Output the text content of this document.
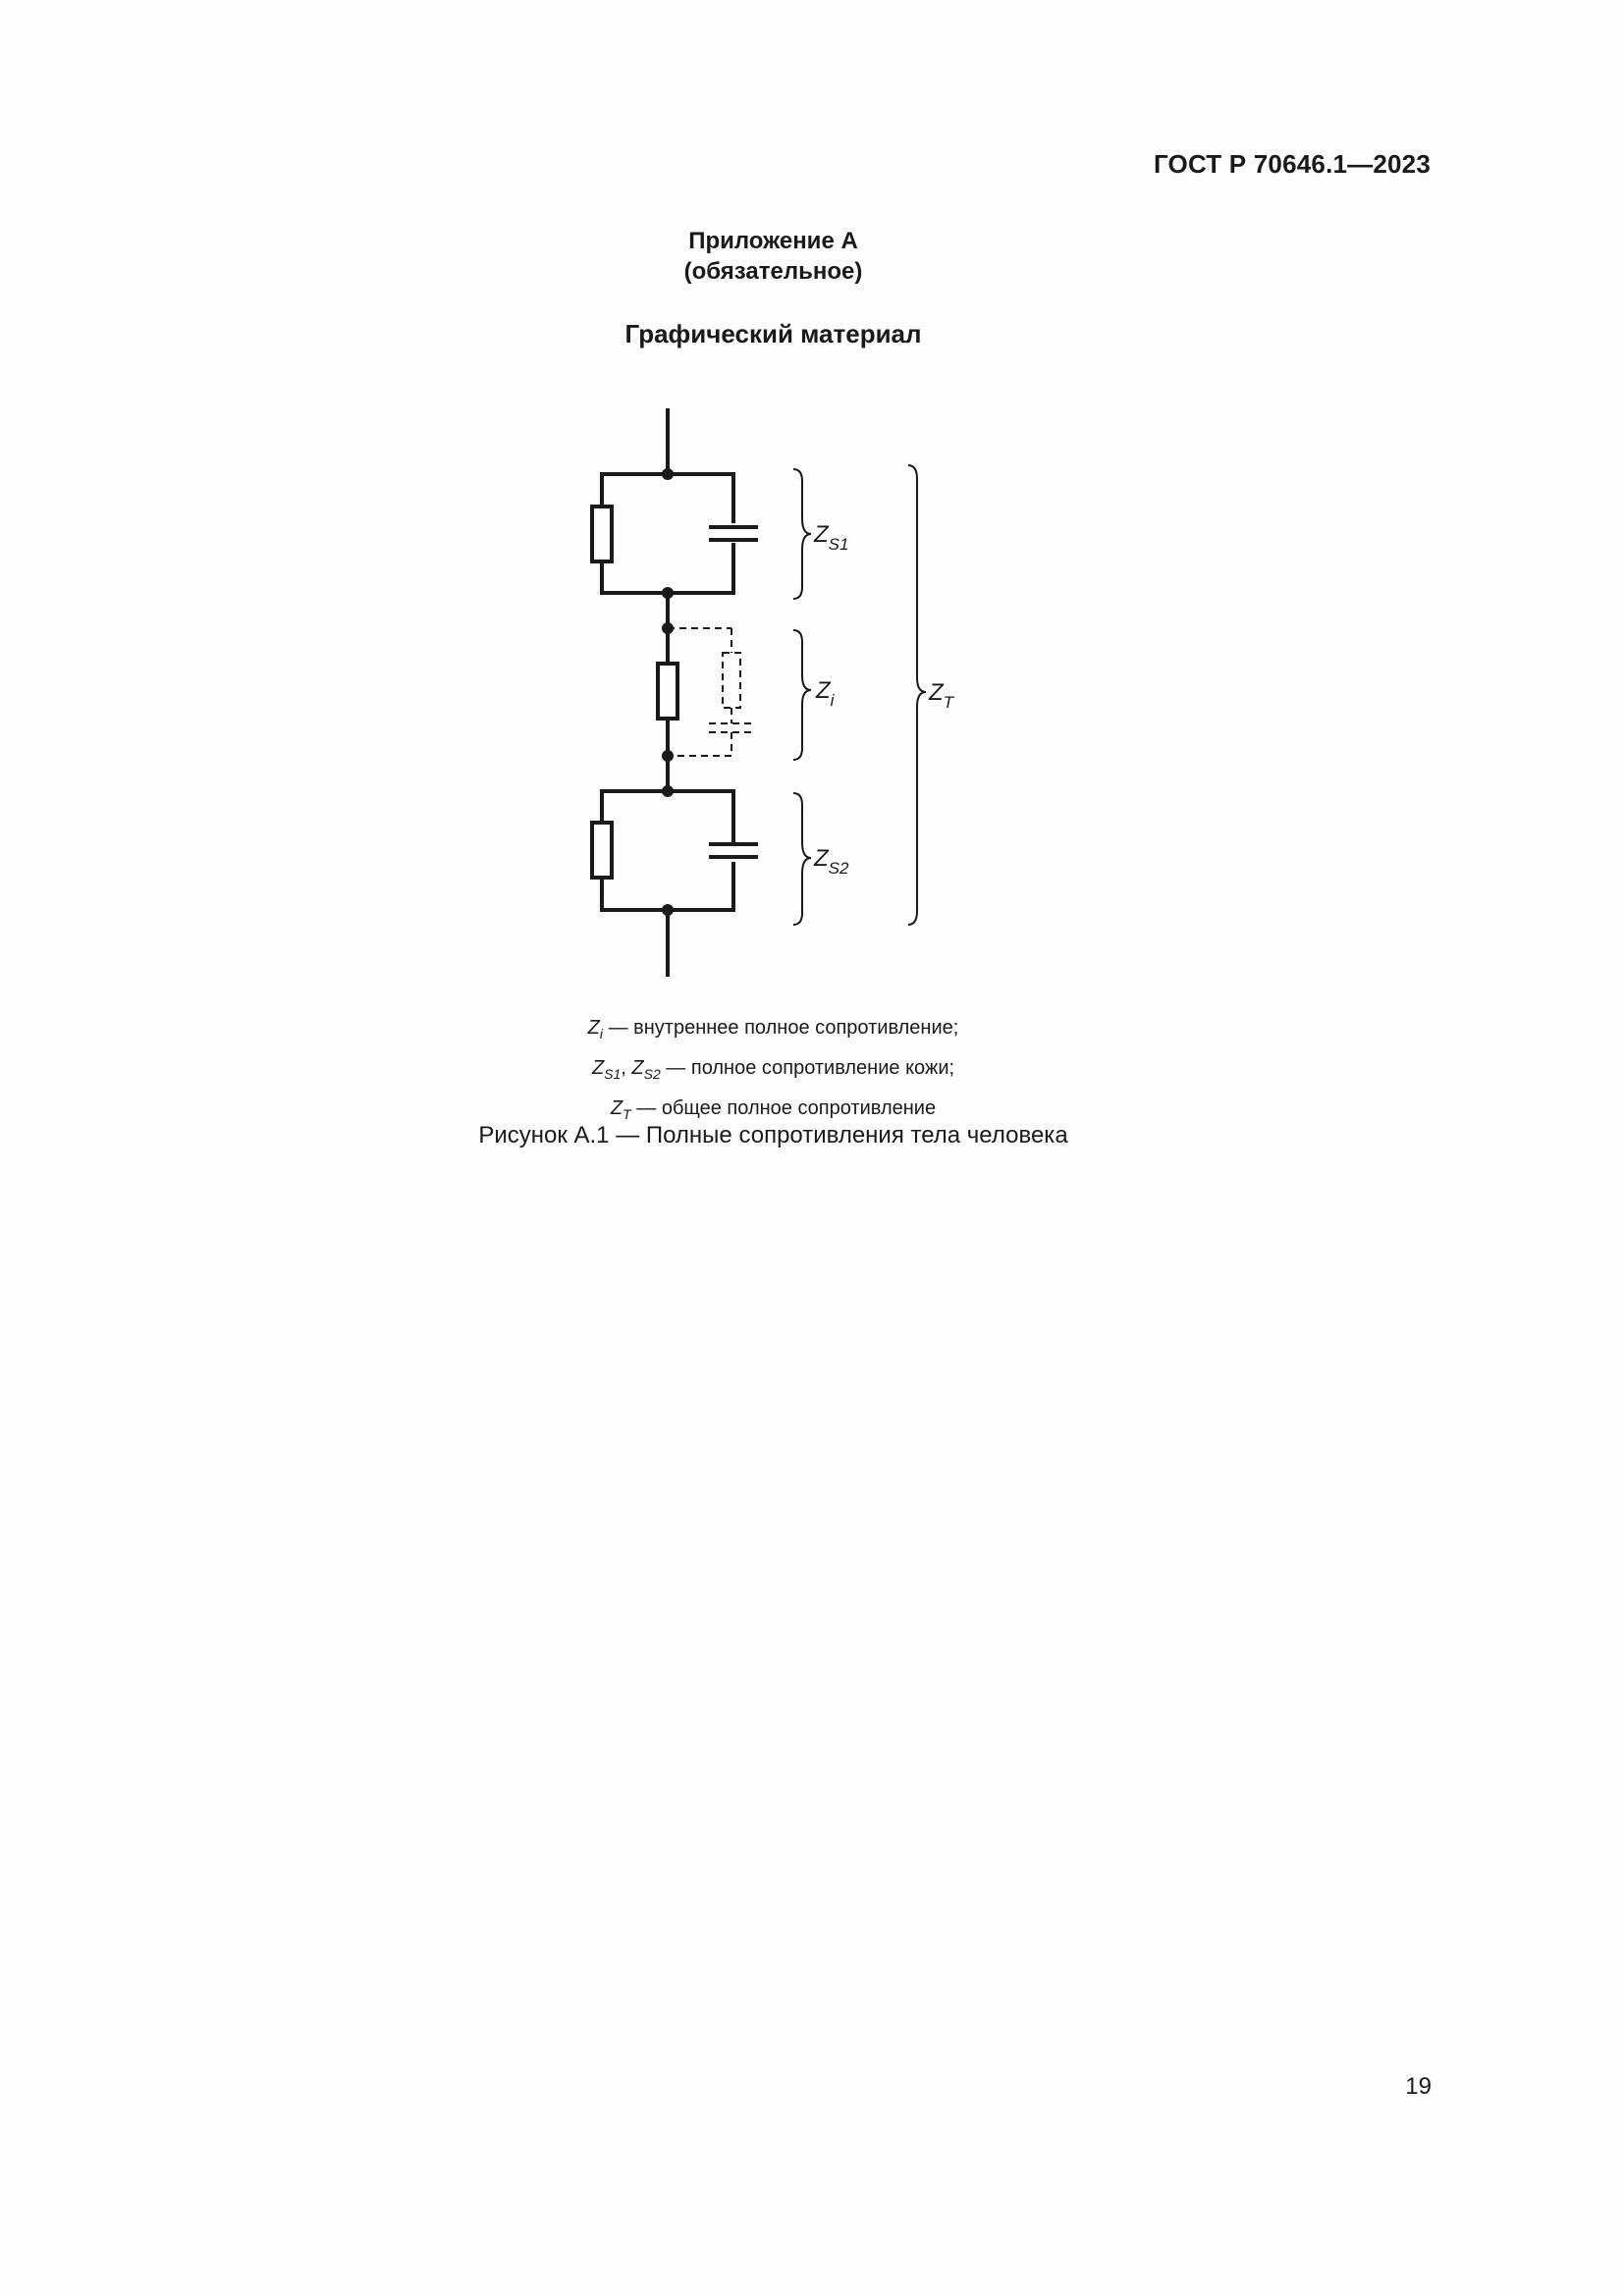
ГОСТ Р 70646.1—2023
Приложение А
(обязательное)
Графический материал
$Z_{S1}$
$Z_i$
$Z_{S2}$
$Z_T$
$Z_i$ — внутреннее полное сопротивление;
$Z_{S1}$, $Z_{S2}$ — полное сопротивление кожи;
$Z_T$ — общее полное сопротивление
Рисунок А.1 — Полные сопротивления тела человека
19
